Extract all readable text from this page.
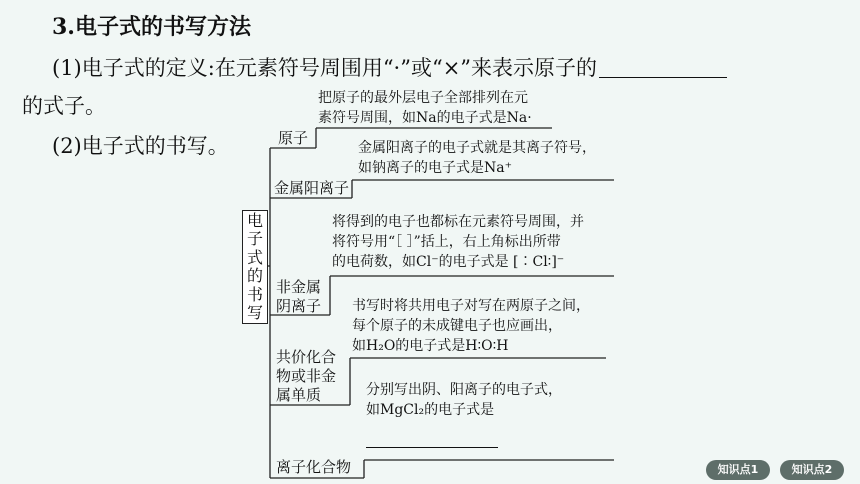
3.电子式的书写方法
(1)电子式的定义:在元素符号周围用“·”或“×”来表示原子的
的式子。
(2)电子式的书写。
电
子
式
的
书
写
原子
金属阳离子
非金属
阴离子
共价化合
物或非金
属单质
离子化合物
把原子的最外层电子全部排列在元
素符号周围，如Na的电子式是Na·
金属阳离子的电子式就是其离子符号，
如钠离子的电子式是Na⁺
将得到的电子也都标在元素符号周围，并
将符号用“［ ］”括上，右上角标出所带
的电荷数，如Cl⁻的电子式是 [∶Cl∶]⁻
书写时将共用电子对写在两原子之间，
每个原子的未成键电子也应画出，
如H₂O的电子式是H∶O∶H
分别写出阴、阳离子的电子式，
如MgCl₂的电子式是
知识点1	知识点2
